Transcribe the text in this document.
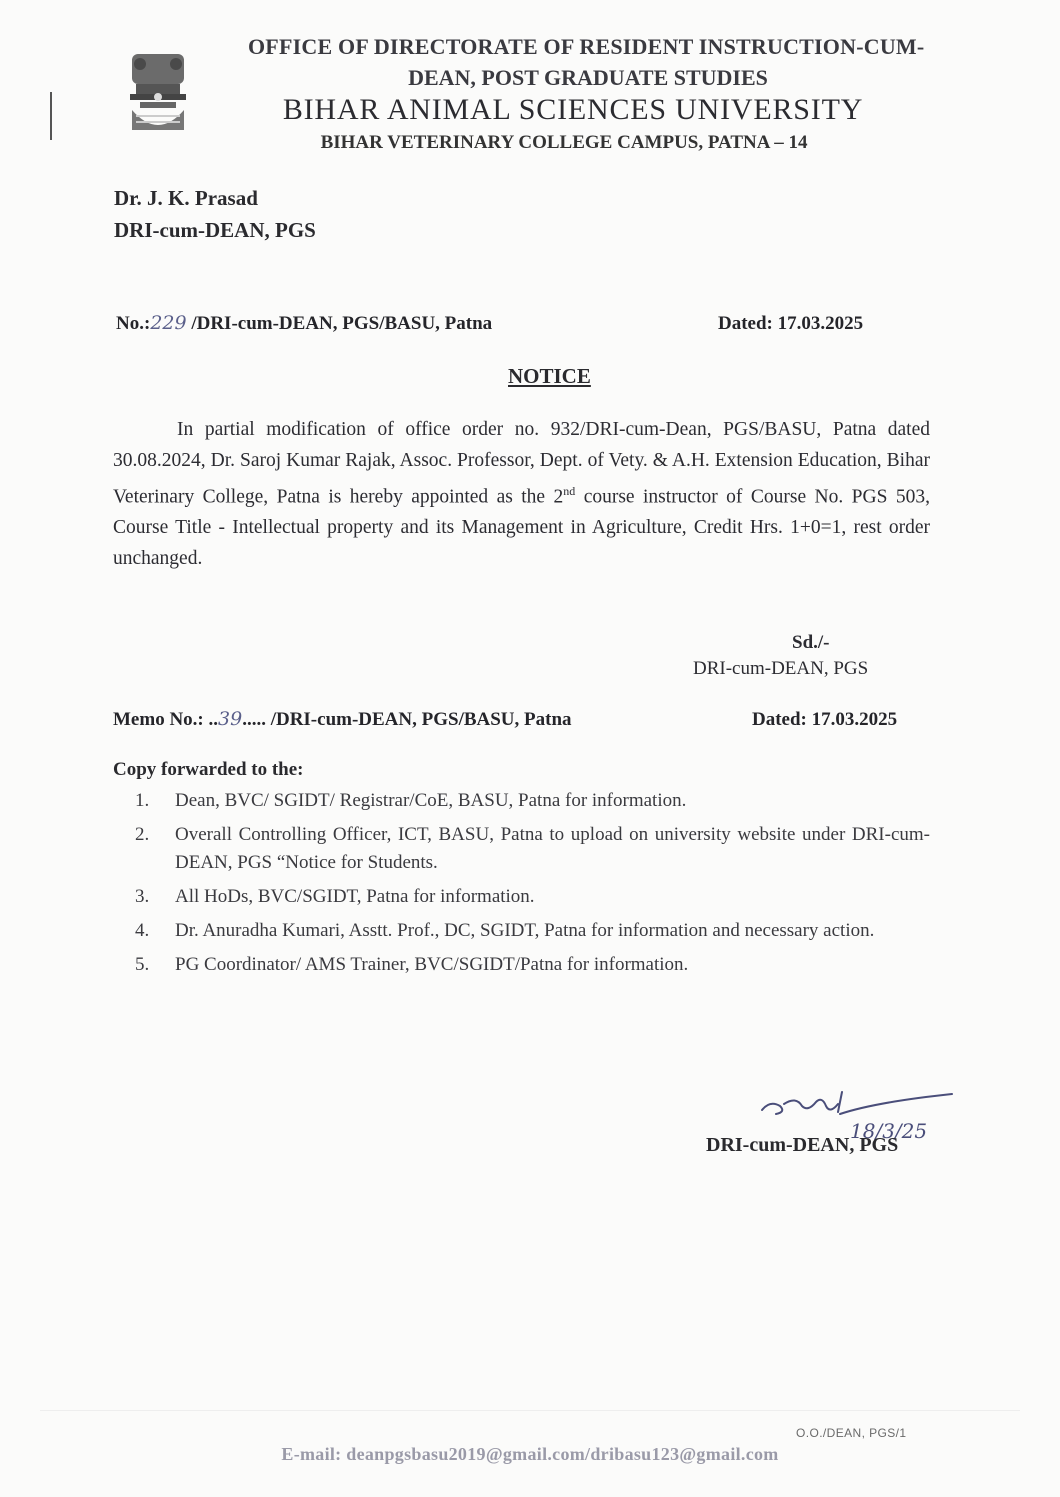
OFFICE OF DIRECTORATE OF RESIDENT INSTRUCTION-CUM-
DEAN, POST GRADUATE STUDIES
BIHAR ANIMAL SCIENCES UNIVERSITY
BIHAR VETERINARY COLLEGE CAMPUS, PATNA – 14
Dr. J. K. Prasad
DRI-cum-DEAN, PGS
No.:229 /DRI-cum-DEAN, PGS/BASU, Patna	Dated: 17.03.2025
NOTICE
In partial modification of office order no. 932/DRI-cum-Dean, PGS/BASU, Patna dated 30.08.2024, Dr. Saroj Kumar Rajak, Assoc. Professor, Dept. of Vety. & A.H. Extension Education, Bihar Veterinary College, Patna is hereby appointed as the 2nd course instructor of Course No. PGS 503, Course Title - Intellectual property and its Management in Agriculture, Credit Hrs. 1+0=1, rest order unchanged.
Sd./-
DRI-cum-DEAN, PGS
Memo No.: ..39..... /DRI-cum-DEAN, PGS/BASU, Patna	Dated: 17.03.2025
Copy forwarded to the:
1. Dean, BVC/ SGIDT/ Registrar/CoE, BASU, Patna for information.
2. Overall Controlling Officer, ICT, BASU, Patna to upload on university website under DRI-cum-DEAN, PGS “Notice for Students.
3. All HoDs, BVC/SGIDT, Patna for information.
4. Dr. Anuradha Kumari, Asstt. Prof., DC, SGIDT, Patna for information and necessary action.
5. PG Coordinator/ AMS Trainer, BVC/SGIDT/Patna for information.
18/3/25
DRI-cum-DEAN, PGS
O.O./DEAN, PGS/1
E-mail: deanpgsbasu2019@gmail.com/dribasu123@gmail.com
